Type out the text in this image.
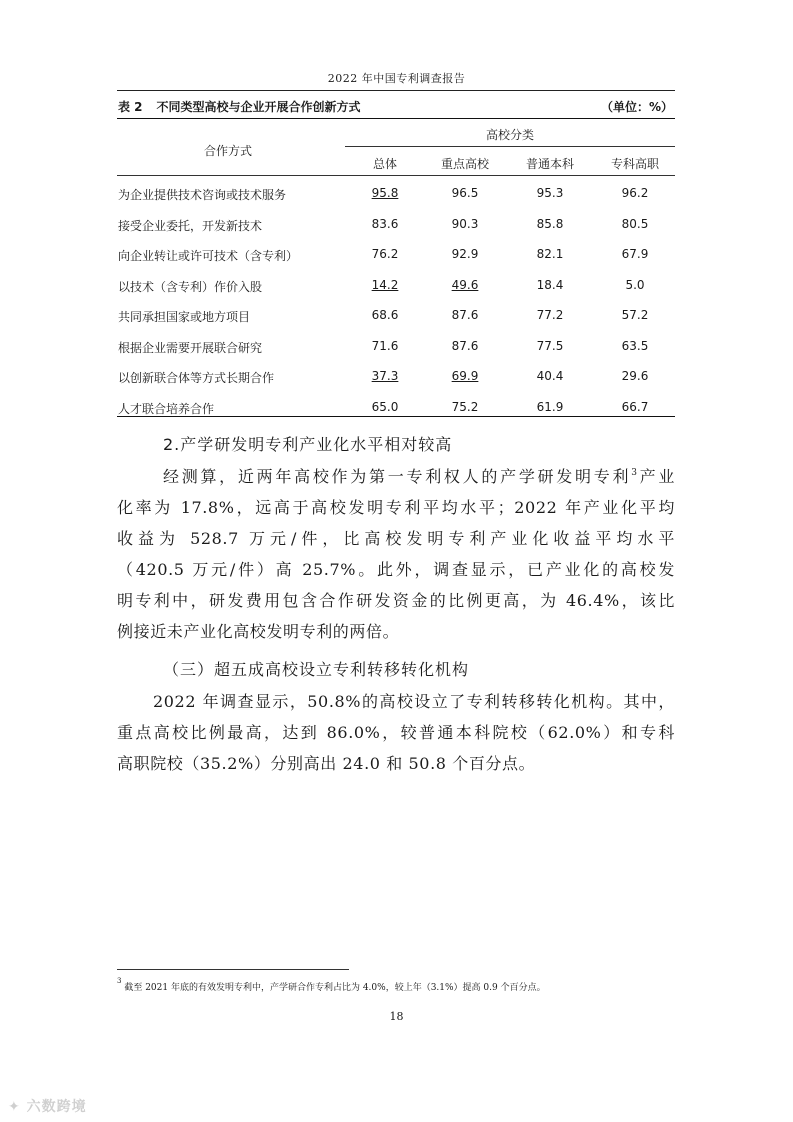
2022 年中国专利调查报告
表 2 不同类型高校与企业开展合作创新方式	（单位：%）
合作方式
高校分类
总体	重点高校	普通本科	专科高职
为企业提供技术咨询或技术服务	95.8	96.5	95.3	96.2
接受企业委托，开发新技术	83.6	90.3	85.8	80.5
向企业转让或许可技术（含专利）	76.2	92.9	82.1	67.9
以技术（含专利）作价入股	14.2	49.6	18.4	5.0
共同承担国家或地方项目	68.6	87.6	77.2	57.2
根据企业需要开展联合研究	71.6	87.6	77.5	63.5
以创新联合体等方式长期合作	37.3	69.9	40.4	29.6
人才联合培养合作	65.0	75.2	61.9	66.7
2.产学研发明专利产业化水平相对较高
经测算，近两年高校作为第一专利权人的产学研发明专利$^3$产业
化率为 17.8%，远高于高校发明专利平均水平；2022 年产业化平均
收益为 528.7 万元/件，比高校发明专利产业化收益平均水平
（420.5 万元/件）高 25.7%。此外，调查显示，已产业化的高校发
明专利中，研发费用包含合作研发资金的比例更高，为 46.4%，该比
例接近未产业化高校发明专利的两倍。
（三）超五成高校设立专利转移转化机构
2022 年调查显示，50.8%的高校设立了专利转移转化机构。其中，
重点高校比例最高，达到 86.0%，较普通本科院校（62.0%）和专科
高职院校（35.2%）分别高出 24.0 和 50.8 个百分点。
$^3$ 截至 2021 年底的有效发明专利中，产学研合作专利占比为 4.0%，较上年（3.1%）提高 0.9 个百分点。
18
✦ 六数跨境
